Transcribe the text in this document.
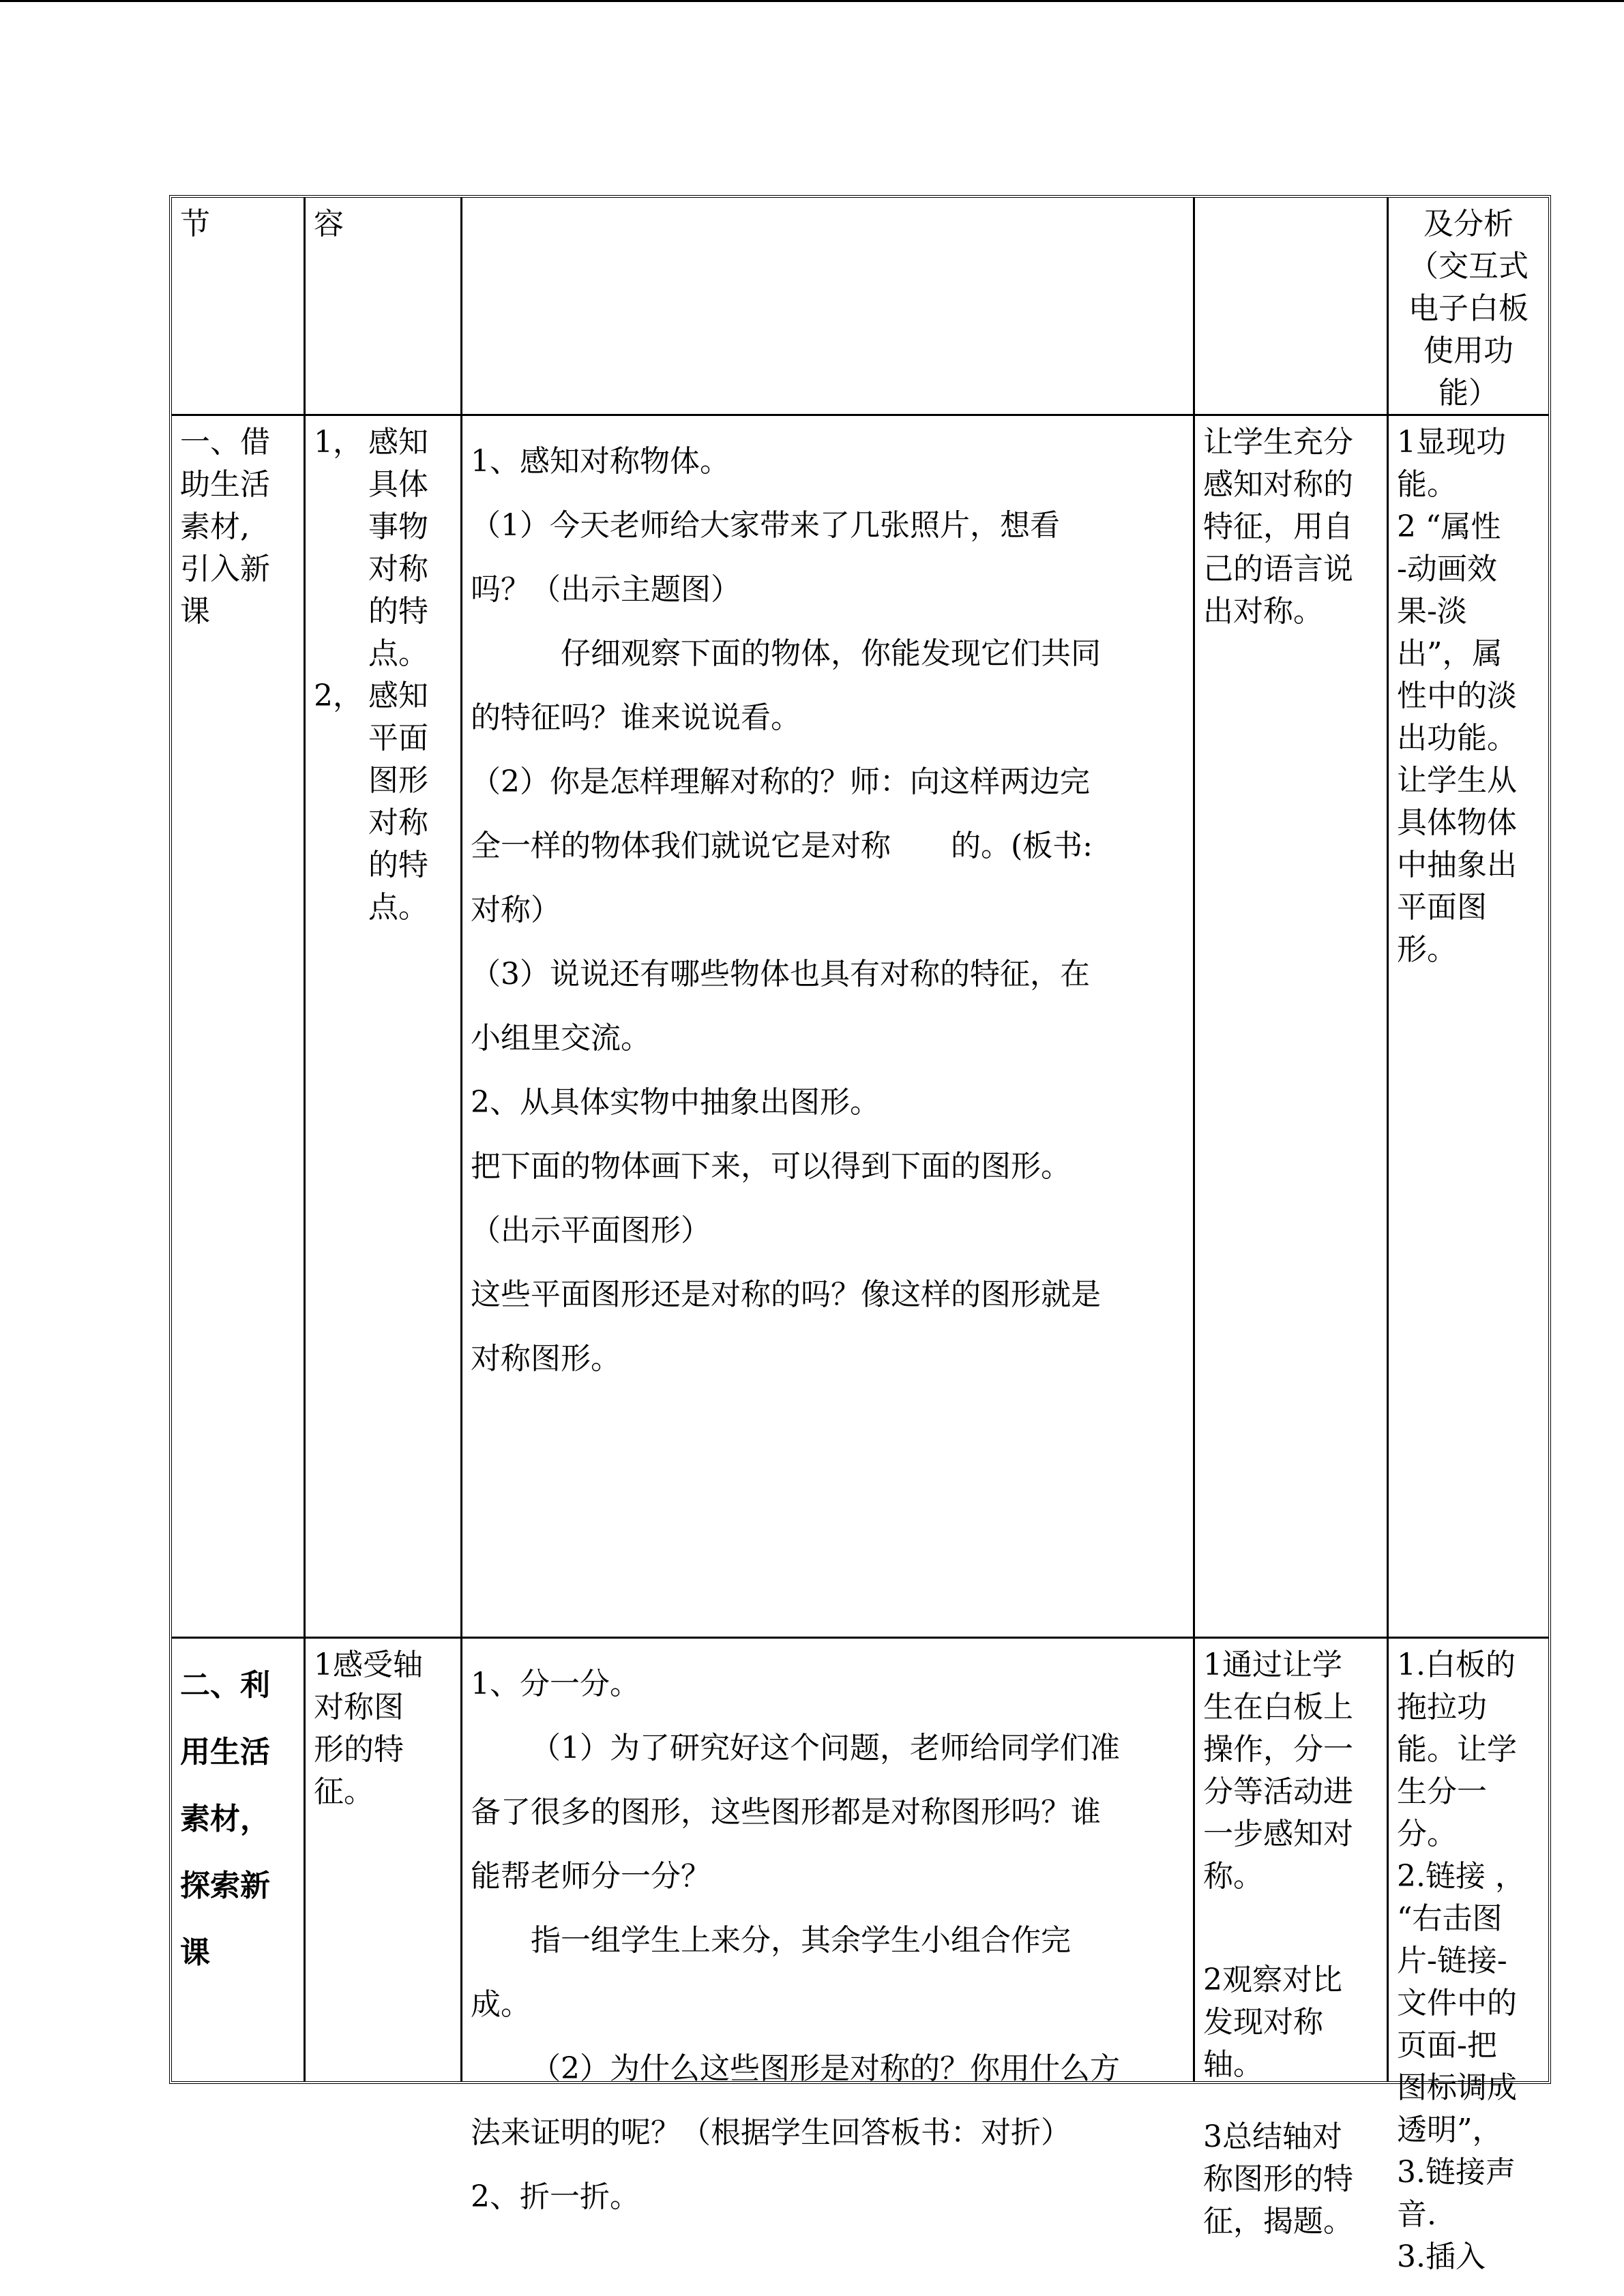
节	容	及分析
（交互式
电子白板
使用功
能）
一、借
助生活
素材,
引入新
课
1， 感知
具体
事物
对称
的特
点。
2， 感知
平面
图形
对称
的特
点。
1、感知对称物体。
（1）今天老师给大家带来了几张照片，想看
吗？（出示主题图）
仔细观察下面的物体，你能发现它们共同
的特征吗？谁来说说看。
（2）你是怎样理解对称的？师：向这样两边完
全一样的物体我们就说它是对称　　的。(板书:
对称）
（3）说说还有哪些物体也具有对称的特征，在
小组里交流。
2、从具体实物中抽象出图形。
把下面的物体画下来，可以得到下面的图形。
（出示平面图形）
这些平面图形还是对称的吗？像这样的图形就是
对称图形。
让学生充分
感知对称的
特征，用自
己的语言说
出对称。
1显现功
能。
2 “属性
-动画效
果-淡
出”，属
性中的淡
出功能。
让学生从
具体物体
中抽象出
平面图
形。
二、利
用生活
素材，
探索新
课
1感受轴
对称图
形的特
征。
1、分一分。
（1）为了研究好这个问题，老师给同学们准
备了很多的图形，这些图形都是对称图形吗？谁
能帮老师分一分？
指一组学生上来分，其余学生小组合作完
成。
（2）为什么这些图形是对称的？你用什么方
法来证明的呢？（根据学生回答板书：对折）
2、折一折。
1通过让学
生在白板上
操作，分一
分等活动进
一步感知对
称。
2观察对比
发现对称
轴。
3总结轴对
称图形的特
征，揭题。
1.白板的
拖拉功
能。让学
生分一
分。
2.链接 ，
“右击图
片-链接-
文件中的
页面-把
图标调成
透明”，
3.链接声
音.
3.插入
